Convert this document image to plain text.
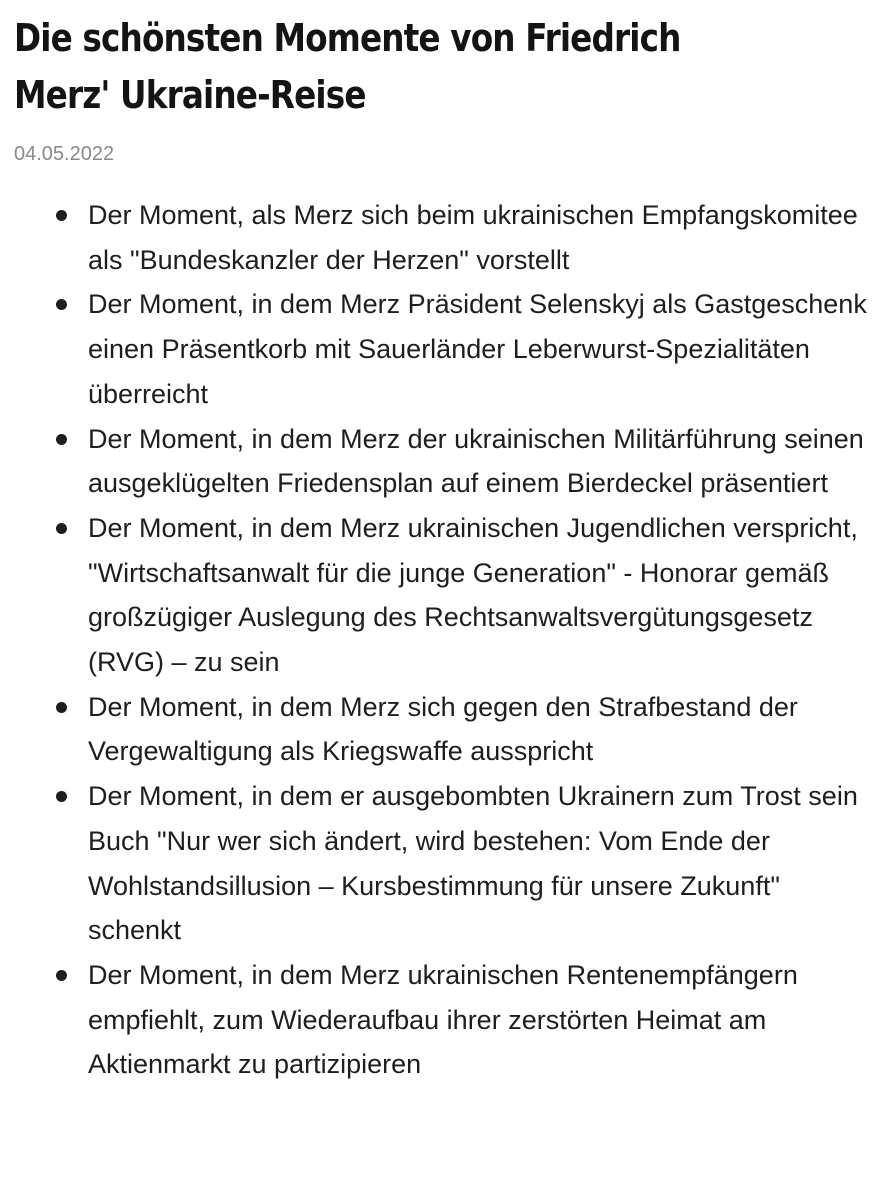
Die schönsten Momente von Friedrich Merz' Ukraine-Reise
04.05.2022
Der Moment, als Merz sich beim ukrainischen Empfangskomitee als "Bundeskanzler der Herzen" vorstellt
Der Moment, in dem Merz Präsident Selenskyj als Gastgeschenk einen Präsentkorb mit Sauerländer Leberwurst-Spezialitäten überreicht
Der Moment, in dem Merz der ukrainischen Militärführung seinen ausgeklügelten Friedensplan auf einem Bierdeckel präsentiert
Der Moment, in dem Merz ukrainischen Jugendlichen verspricht, "Wirtschaftsanwalt für die junge Generation" - Honorar gemäß großzügiger Auslegung des Rechtsanwaltsvergütungsgesetz (RVG) – zu sein
Der Moment, in dem Merz sich gegen den Strafbestand der Vergewaltigung als Kriegswaffe ausspricht
Der Moment, in dem er ausgebombten Ukrainern zum Trost sein Buch "Nur wer sich ändert, wird bestehen: Vom Ende der Wohlstandsillusion – Kursbestimmung für unsere Zukunft" schenkt
Der Moment, in dem Merz ukrainischen Rentenempfängern empfiehlt, zum Wiederaufbau ihrer zerstörten Heimat am Aktienmarkt zu partizipieren
